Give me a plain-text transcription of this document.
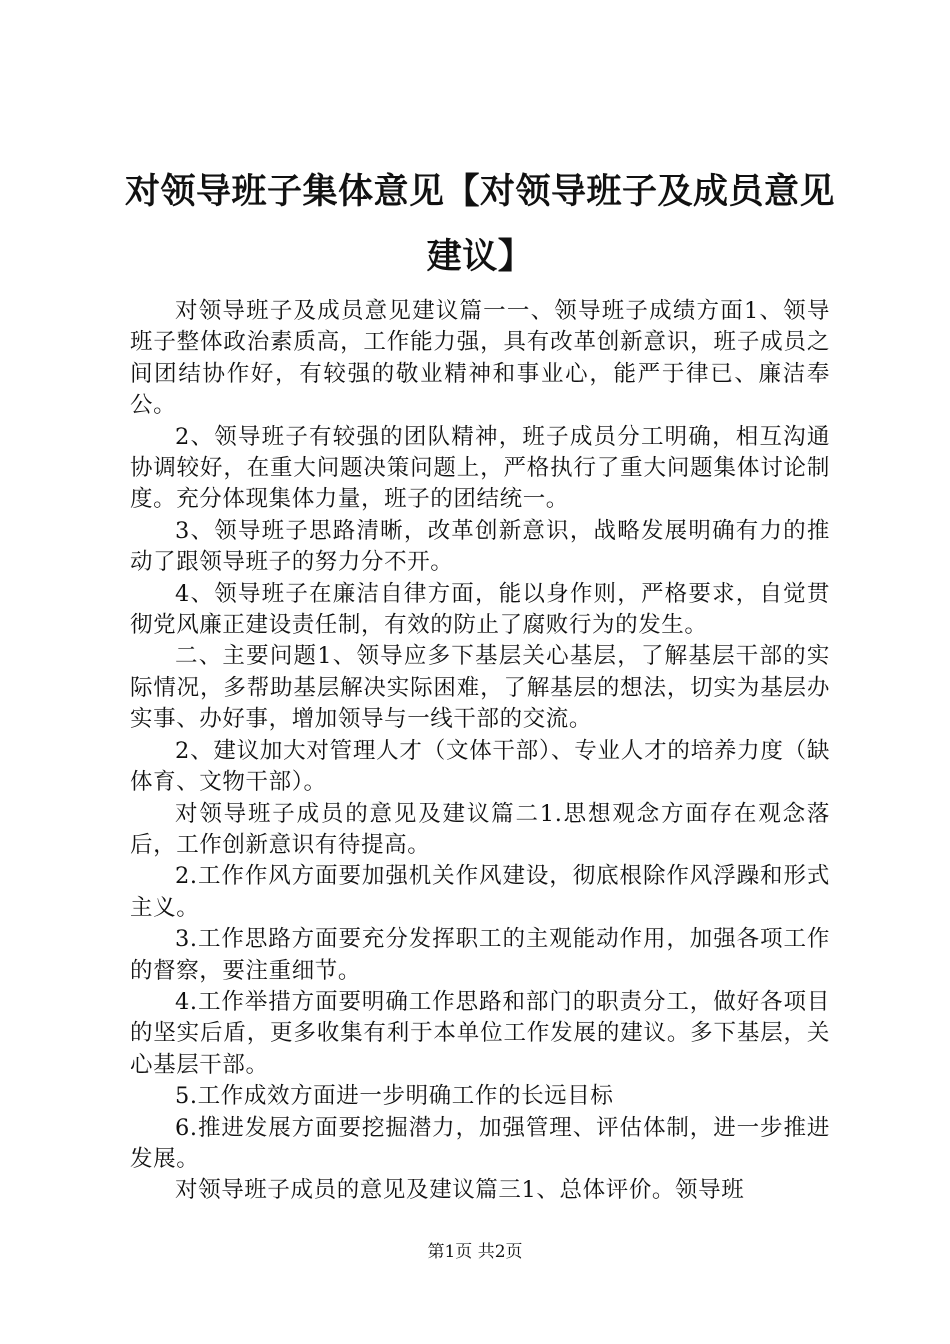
对领导班子集体意见【对领导班子及成员意见建议】

对领导班子及成员意见建议篇一一、领导班子成绩方面1、领导班子整体政治素质高，工作能力强，具有改革创新意识，班子成员之间团结协作好，有较强的敬业精神和事业心，能严于律已、廉洁奉公。

2、领导班子有较强的团队精神，班子成员分工明确，相互沟通协调较好，在重大问题决策问题上，严格执行了重大问题集体讨论制度。充分体现集体力量，班子的团结统一。

3、领导班子思路清晰，改革创新意识，战略发展明确有力的推动了跟领导班子的努力分不开。

4、领导班子在廉洁自律方面，能以身作则，严格要求，自觉贯彻党风廉正建设责任制，有效的防止了腐败行为的发生。

二、主要问题1、领导应多下基层关心基层，了解基层干部的实际情况，多帮助基层解决实际困难，了解基层的想法，切实为基层办实事、办好事，增加领导与一线干部的交流。

2、建议加大对管理人才（文体干部）、专业人才的培养力度（缺体育、文物干部）。

对领导班子成员的意见及建议篇二1.思想观念方面存在观念落后，工作创新意识有待提高。

2.工作作风方面要加强机关作风建设，彻底根除作风浮躁和形式主义。

3.工作思路方面要充分发挥职工的主观能动作用，加强各项工作的督察，要注重细节。

4.工作举措方面要明确工作思路和部门的职责分工，做好各项目的坚实后盾，更多收集有利于本单位工作发展的建议。多下基层，关心基层干部。

5.工作成效方面进一步明确工作的长远目标

6.推进发展方面要挖掘潜力，加强管理、评估体制，进一步推进发展。

对领导班子成员的意见及建议篇三1、总体评价。领导班

第1页 共2页
